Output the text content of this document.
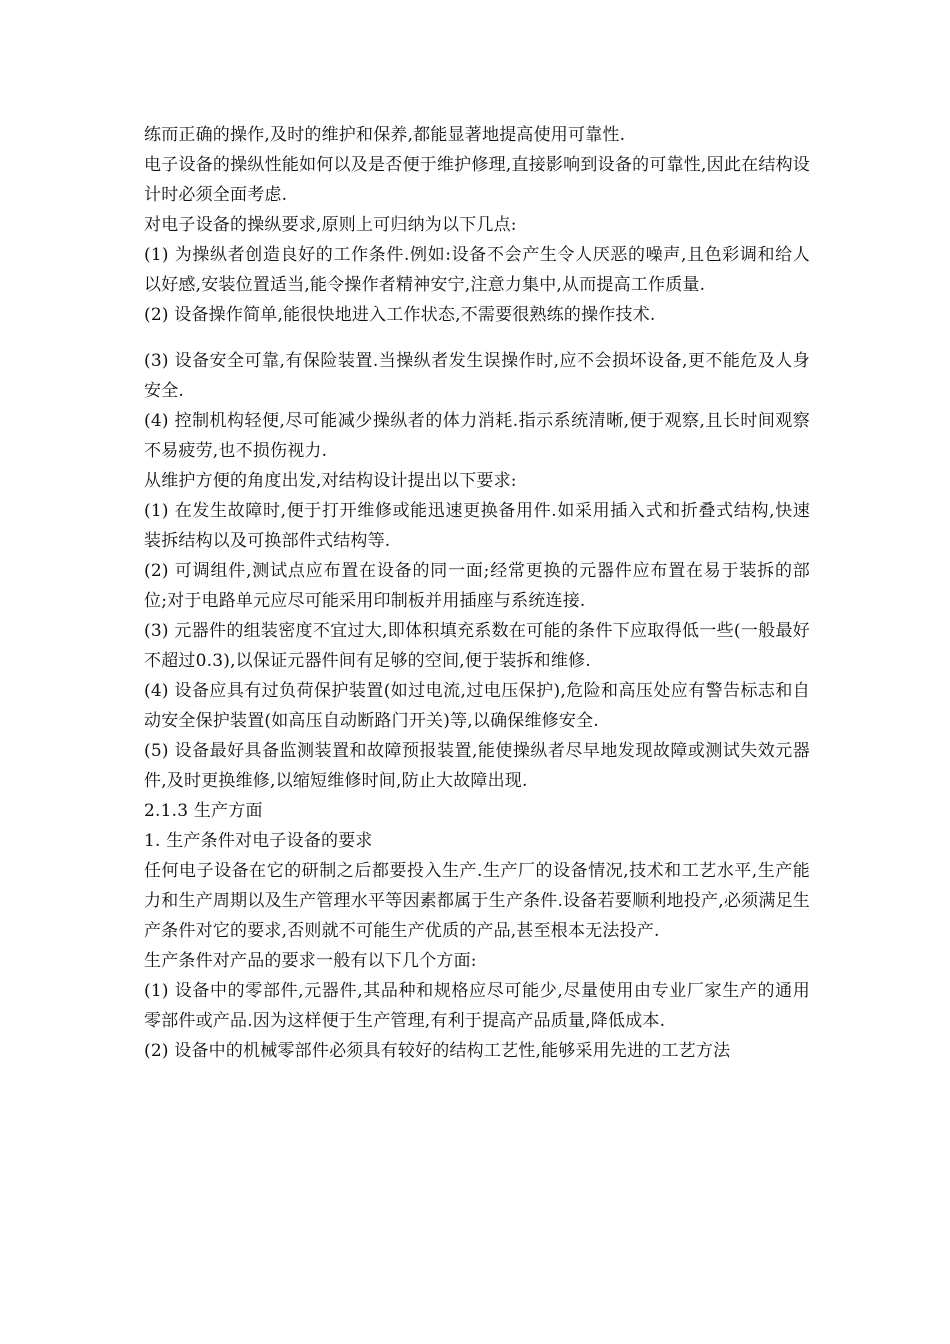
练而正确的操作,及时的维护和保养,都能显著地提高使用可靠性.

电子设备的操纵性能如何以及是否便于维护修理,直接影响到设备的可靠性,因此在结构设计时必须全面考虑.

对电子设备的操纵要求,原则上可归纳为以下几点:

(1) 为操纵者创造良好的工作条件.例如:设备不会产生令人厌恶的噪声,且色彩调和给人以好感,安装位置适当,能令操作者精神安宁,注意力集中,从而提高工作质量.

(2) 设备操作简单,能很快地进入工作状态,不需要很熟练的操作技术.

(3) 设备安全可靠,有保险装置.当操纵者发生误操作时,应不会损坏设备,更不能危及人身安全.

(4) 控制机构轻便,尽可能减少操纵者的体力消耗.指示系统清晰,便于观察,且长时间观察不易疲劳,也不损伤视力.

从维护方便的角度出发,对结构设计提出以下要求:

(1) 在发生故障时,便于打开维修或能迅速更换备用件.如采用插入式和折叠式结构,快速装拆结构以及可换部件式结构等.

(2) 可调组件,测试点应布置在设备的同一面;经常更换的元器件应布置在易于装拆的部位;对于电路单元应尽可能采用印制板并用插座与系统连接.

(3) 元器件的组装密度不宜过大,即体积填充系数在可能的条件下应取得低一些(一般最好不超过0.3),以保证元器件间有足够的空间,便于装拆和维修.

(4) 设备应具有过负荷保护装置(如过电流,过电压保护),危险和高压处应有警告标志和自动安全保护装置(如高压自动断路门开关)等,以确保维修安全.

(5) 设备最好具备监测装置和故障预报装置,能使操纵者尽早地发现故障或测试失效元器件,及时更换维修,以缩短维修时间,防止大故障出现.

2.1.3 生产方面

1. 生产条件对电子设备的要求

任何电子设备在它的研制之后都要投入生产.生产厂的设备情况,技术和工艺水平,生产能力和生产周期以及生产管理水平等因素都属于生产条件.设备若要顺利地投产,必须满足生产条件对它的要求,否则就不可能生产优质的产品,甚至根本无法投产.

生产条件对产品的要求一般有以下几个方面:

(1) 设备中的零部件,元器件,其品种和规格应尽可能少,尽量使用由专业厂家生产的通用零部件或产品.因为这样便于生产管理,有利于提高产品质量,降低成本.

(2) 设备中的机械零部件必须具有较好的结构工艺性,能够采用先进的工艺方法
